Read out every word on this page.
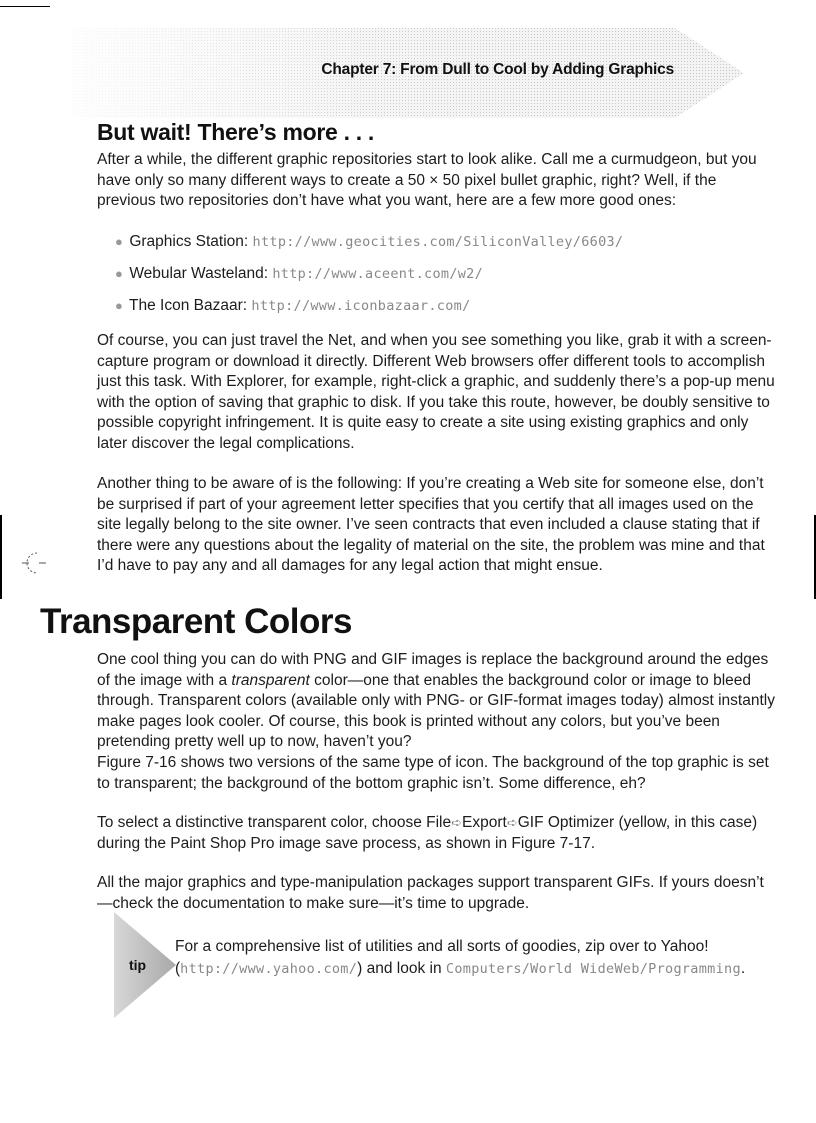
Chapter 7: From Dull to Cool by Adding Graphics
But wait! There’s more . . .

After a while, the different graphic repositories start to look alike. Call me a curmudgeon, but you have only so many different ways to create a 50 × 50 pixel bullet graphic, right? Well, if the previous two repositories don’t have what you want, here are a few more good ones:

● Graphics Station: http://www.geocities.com/SiliconValley/6603/
● Webular Wasteland: http://www.aceent.com/w2/
● The Icon Bazaar: http://www.iconbazaar.com/

Of course, you can just travel the Net, and when you see something you like, grab it with a screen-capture program or download it directly. Different Web browsers offer different tools to accomplish just this task. With Explorer, for example, right-click a graphic, and suddenly there’s a pop-up menu with the option of saving that graphic to disk. If you take this route, however, be doubly sensitive to possible copyright infringement. It is quite easy to create a site using existing graphics and only later discover the legal complications.

Another thing to be aware of is the following: If you’re creating a Web site for someone else, don’t be surprised if part of your agreement letter specifies that you certify that all images used on the site legally belong to the site owner. I’ve seen contracts that even included a clause stating that if there were any questions about the legality of material on the site, the problem was mine and that I’d have to pay any and all damages for any legal action that might ensue.

Transparent Colors

One cool thing you can do with PNG and GIF images is replace the background around the edges of the image with a transparent color—one that enables the background color or image to bleed through. Transparent colors (available only with PNG- or GIF-format images today) almost instantly make pages look cooler. Of course, this book is printed without any colors, but you’ve been pretending pretty well up to now, haven’t you?

Figure 7-16 shows two versions of the same type of icon. The background of the top graphic is set to transparent; the background of the bottom graphic isn’t. Some difference, eh?

To select a distinctive transparent color, choose File➪Export➪GIF Optimizer (yellow, in this case) during the Paint Shop Pro image save process, as shown in Figure 7-17.

All the major graphics and type-manipulation packages support transparent GIFs. If yours doesn’t—check the documentation to make sure—it’s time to upgrade.

tip

For a comprehensive list of utilities and all sorts of goodies, zip over to Yahoo! (http://www.yahoo.com/) and look in Computers/World WideWeb/Programming.
